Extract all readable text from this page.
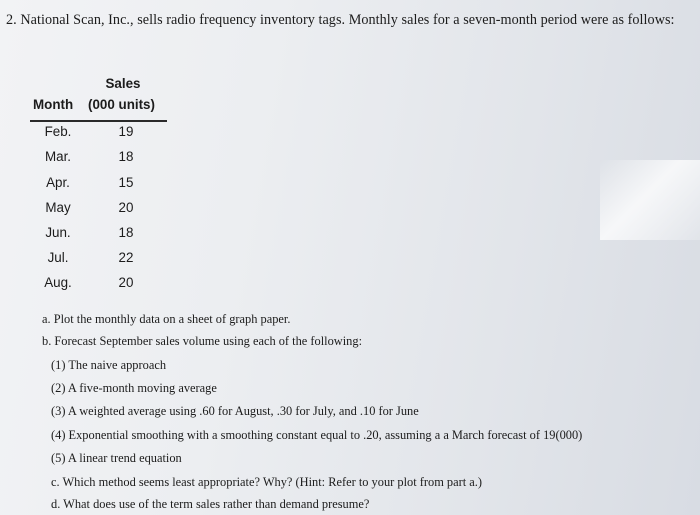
2. National Scan, Inc., sells radio frequency inventory tags. Monthly sales for a seven-month period were as follows:
Sales
Month (000 units)
Feb.	19
Mar.	18
Apr.	15
May	20
Jun.	18
Jul.	22
Aug.	20
a. Plot the monthly data on a sheet of graph paper.
b. Forecast September sales volume using each of the following:
(1) The naive approach
(2) A five-month moving average
(3) A weighted average using .60 for August, .30 for July, and .10 for June
(4) Exponential smoothing with a smoothing constant equal to .20, assuming a a March forecast of 19(000)
(5) A linear trend equation
c. Which method seems least appropriate? Why? (Hint: Refer to your plot from part a.)
d. What does use of the term sales rather than demand presume?
